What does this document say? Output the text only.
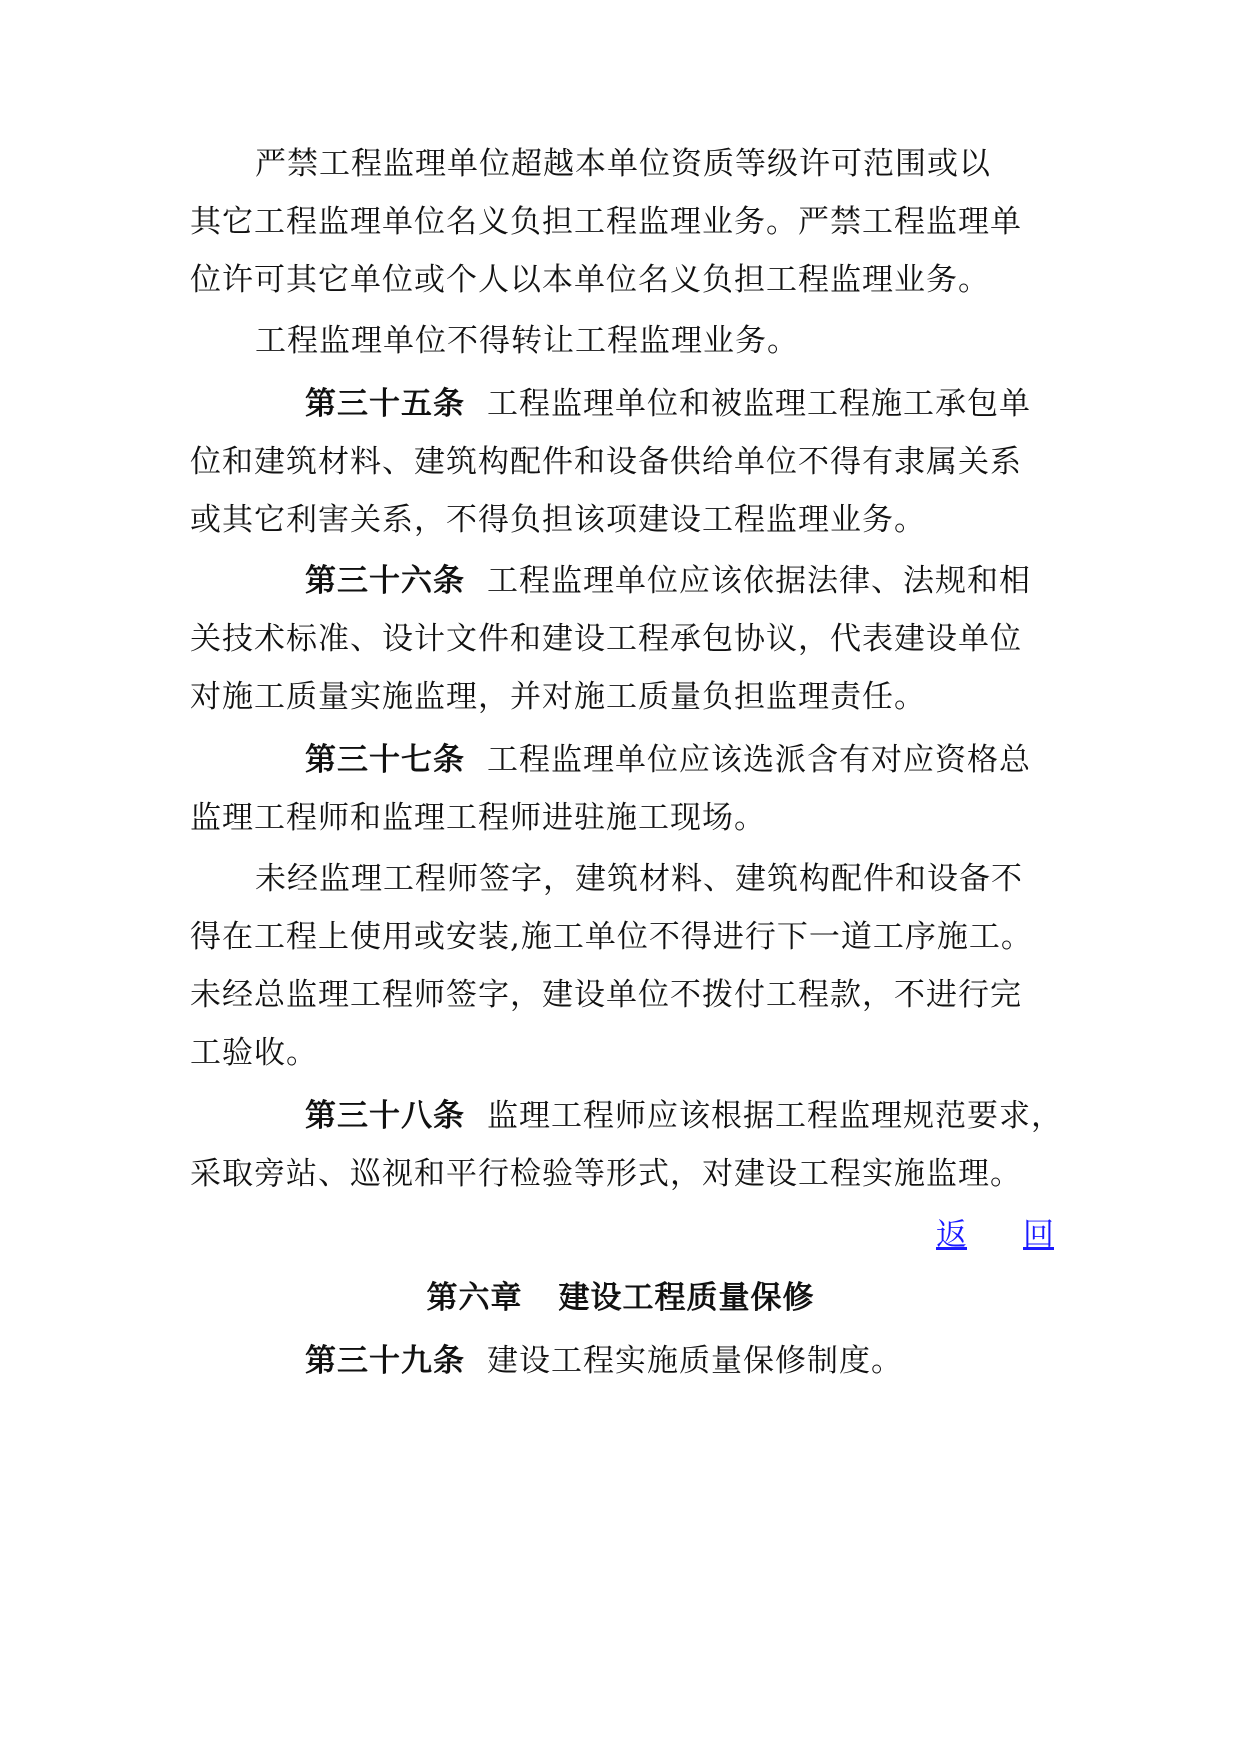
严禁工程监理单位超越本单位资质等级许可范围或以
其它工程监理单位名义负担工程监理业务。严禁工程监理单
位许可其它单位或个人以本单位名义负担工程监理业务。
工程监理单位不得转让工程监理业务。
第三十五条 工程监理单位和被监理工程施工承包单
位和建筑材料、建筑构配件和设备供给单位不得有隶属关系
或其它利害关系，不得负担该项建设工程监理业务。
第三十六条 工程监理单位应该依据法律、法规和相
关技术标准、设计文件和建设工程承包协议，代表建设单位
对施工质量实施监理，并对施工质量负担监理责任。
第三十七条 工程监理单位应该选派含有对应资格总
监理工程师和监理工程师进驻施工现场。
未经监理工程师签字，建筑材料、建筑构配件和设备不
得在工程上使用或安装,施工单位不得进行下一道工序施工。
未经总监理工程师签字，建设单位不拨付工程款，不进行完
工验收。
第三十八条 监理工程师应该根据工程监理规范要求，
采取旁站、巡视和平行检验等形式，对建设工程实施监理。
返 回
第六章 建设工程质量保修
第三十九条 建设工程实施质量保修制度。
